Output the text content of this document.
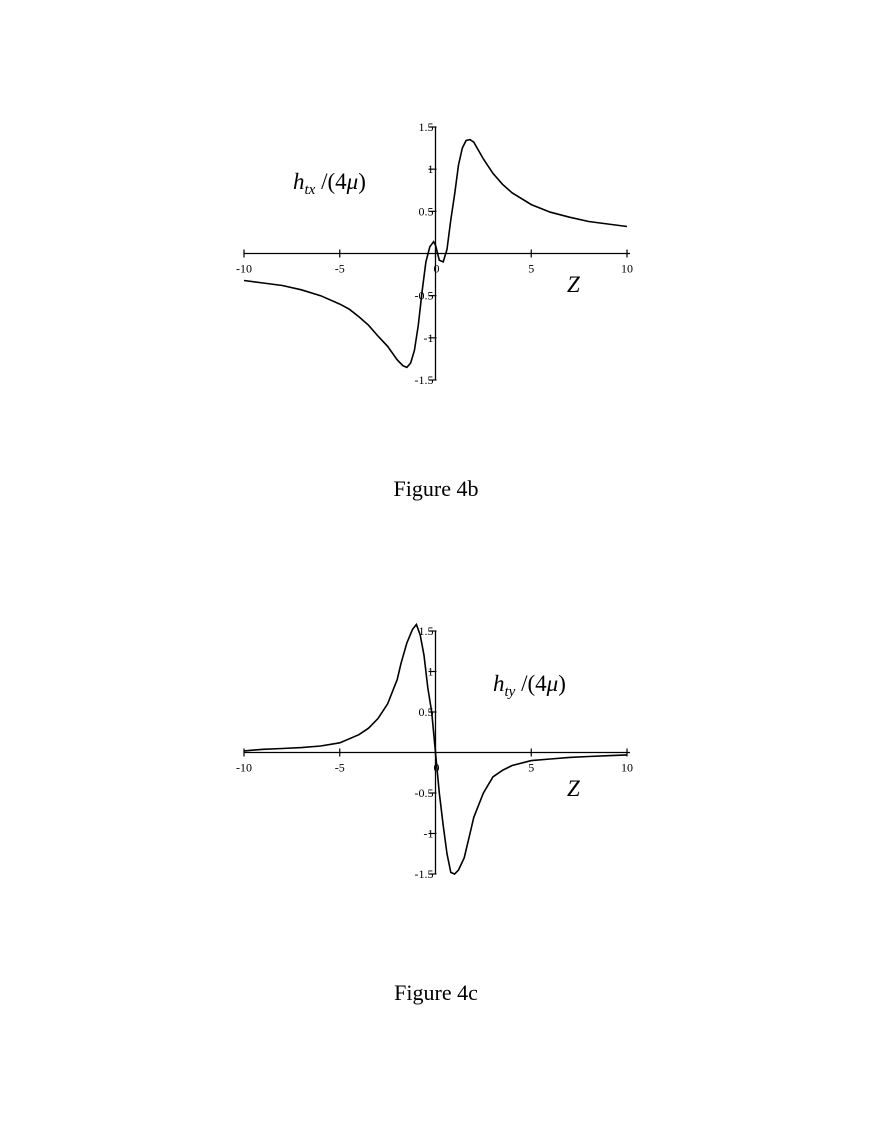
-10	-5	0	5	10
-1.5
-1
-0.5
0.5
1
1.5
$h_{tx}$ /(4μ)
Z
Figure 4b
-10	-5	0	5	10
-1.5
-1
-0.5
0.5
1
1.5
$h_{ty}$ /(4μ)
Z
Figure 4c
